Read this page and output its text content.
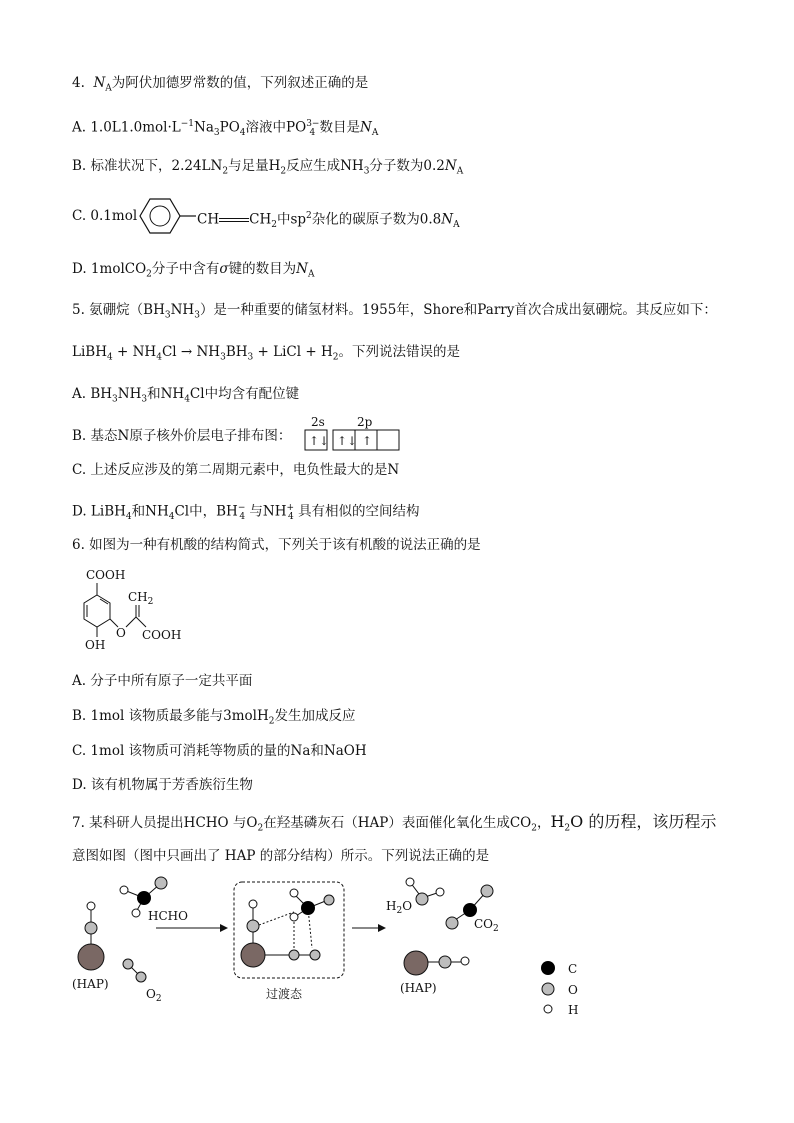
4. $N_A$为阿伏加德罗常数的值，下列叙述正确的是
A. $1.0L1.0mol\cdot L^{-1}Na_3PO_4$溶液中$PO^{3-}_4$ 数目是$N_A$
B. 标准状况下，$2.24LN_2$与足量$H_2$反应生成$NH_3$分子数为$0.2N_A$
C. 0.1mol	CH $CH_2$中$sp^2$杂化的碳原子数为$0.8N_A$
D. 1molCO$_2$分子中含有σ键的数目为$N_A$
5. 氨硼烷$(BH_3NH_3)$是一种重要的储氢材料。1955年，Shore和Parry首次合成出氨硼烷。其反应如下：
LiBH$_4$ + $NH_4Cl \to NH_3BH_3$ + LiCl + $H_2$。下列说法错误的是
A. $BH_3NH_3$和$NH_4Cl$中均含有配位键
B. 基态N原子核外价层电子排布图：
2s	2p
↑↓ ↑↓ ↑
C. 上述反应涉及的第二周期元素中，电负性最大的是N
D. LiBH$_4$和$NH_4Cl$中，$BH^-_4$ 与$NH^+_4$ 具有相似的空间结构
6. 如图为一种有机酸的结构简式，下列关于该有机酸的说法正确的是
COOH
OH
O
$CH_2$
COOH
A. 分子中所有原子一定共平面
B. 1mol 该物质最多能与3molH$_2$发生加成反应
C. 1mol 该物质可消耗等物质的量的Na和NaOH
D. 该有机物属于芳香族衍生物
7. 某科研人员提出HCHO 与$O_2$在羟基磷灰石（HAP）表面催化氧化生成$CO_2$，$H_2O$ 的历程，该历程示
意图如图（图中只画出了 HAP 的部分结构）所示。下列说法正确的是
(HAP)
HCHO
$O_2$	过渡态
$H_2O$
$CO_2$
(HAP)
C
O
H
